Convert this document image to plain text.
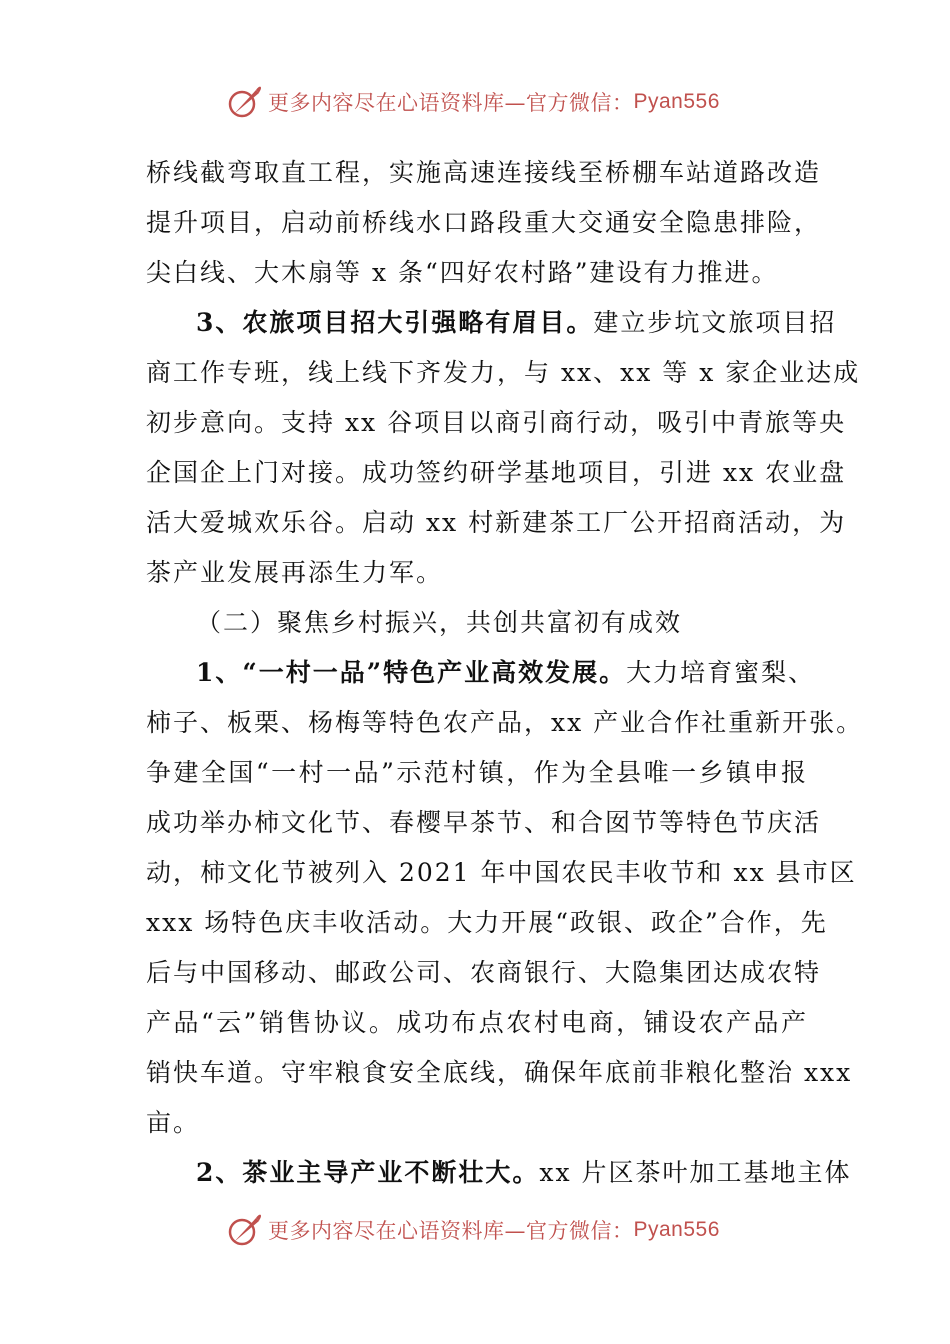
更多内容尽在心语资料库—官方微信： Pyan556
桥线截弯取直工程，实施高速连接线至桥棚车站道路改造
提升项目，启动前桥线水口路段重大交通安全隐患排险，
尖白线、大木扇等 x 条“四好农村路”建设有力推进。
3、农旅项目招大引强略有眉目。建立步坑文旅项目招
商工作专班，线上线下齐发力，与 xx、xx 等 x 家企业达成
初步意向。支持 xx 谷项目以商引商行动，吸引中青旅等央
企国企上门对接。成功签约研学基地项目，引进 xx 农业盘
活大爱城欢乐谷。启动 xx 村新建茶工厂公开招商活动，为
茶产业发展再添生力军。
（二）聚焦乡村振兴，共创共富初有成效
1、“一村一品”特色产业高效发展。大力培育蜜梨、
柿子、板栗、杨梅等特色农产品，xx 产业合作社重新开张。
争建全国“一村一品”示范村镇，作为全县唯一乡镇申报
成功举办柿文化节、春樱早茶节、和合囡节等特色节庆活
动，柿文化节被列入 2021 年中国农民丰收节和 xx 县市区
xxx 场特色庆丰收活动。大力开展“政银、政企”合作，先
后与中国移动、邮政公司、农商银行、大隐集团达成农特
产品“云”销售协议。成功布点农村电商，铺设农产品产
销快车道。守牢粮食安全底线，确保年底前非粮化整治 xxx
亩。
2、茶业主导产业不断壮大。xx 片区茶叶加工基地主体
更多内容尽在心语资料库—官方微信： Pyan556
